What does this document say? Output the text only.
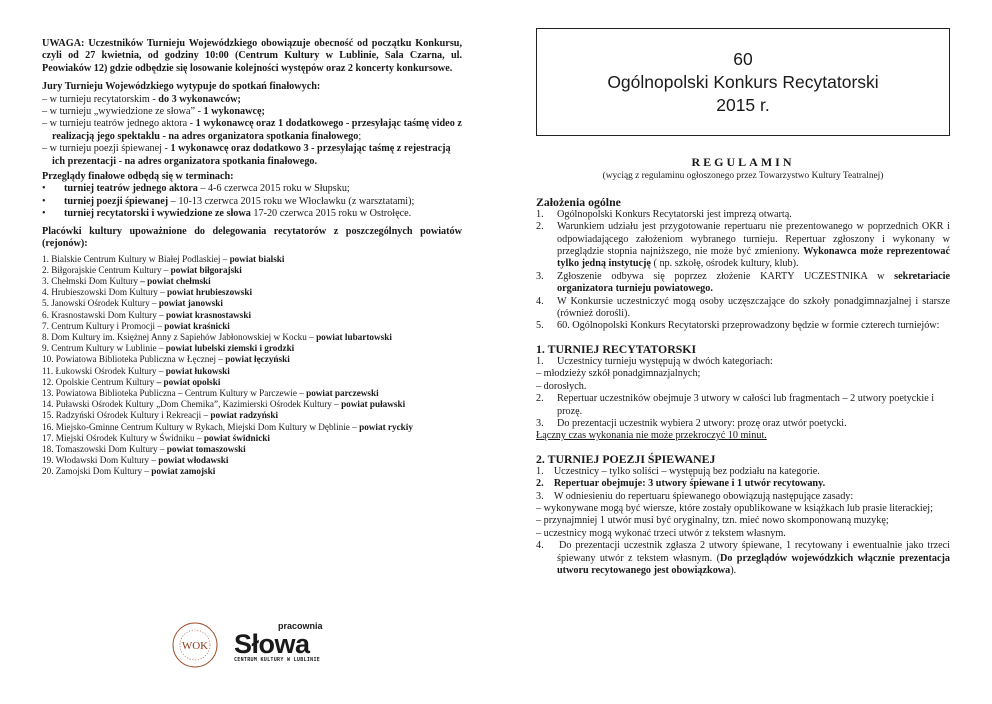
UWAGA: Uczestników Turnieju Wojewódzkiego obowiązuje obecność od początku Konkursu, czyli od 27 kwietnia, od godziny 10:00 (Centrum Kultury w Lublinie, Sala Czarna, ul. Peowiaków 12) gdzie odbędzie się losowanie kolejności występów oraz 2 koncerty konkursowe.

Jury Turnieju Wojewódzkiego wytypuje do spotkań finałowych:

– w turnieju recytatorskim - do 3 wykonawców;

– w turnieju „wywiedzione ze słowa” - 1 wykonawcę;

– w turnieju teatrów jednego aktora - 1 wykonawcę oraz 1 dodatkowego - przesyłając taśmę video z realizacją jego spektaklu - na adres organizatora spotkania finałowego;

– w turnieju poezji śpiewanej - 1 wykonawcę oraz dodatkowo 3 - przesyłając taśmę z rejestracją ich prezentacji - na adres organizatora spotkania finałowego.

Przeglądy finałowe odbędą się w terminach:

• turniej teatrów jednego aktora – 4-6 czerwca 2015 roku w Słupsku;

• turniej poezji śpiewanej – 10-13 czerwca 2015 roku we Włocławku (z warsztatami);

• turniej recytatorski i wywiedzione ze słowa 17-20 czerwca 2015 roku w Ostrołęce.

Placówki kultury upoważnione do delegowania recytatorów z poszczególnych powiatów (rejonów):

1. Bialskie Centrum Kultury w Białej Podlaskiej – powiat bialski

2. Biłgorajskie Centrum Kultury – powiat biłgorajski

3. Chełmski Dom Kultury – powiat chełmski

4. Hrubieszowski Dom Kultury – powiat hrubieszowski

5. Janowski Ośrodek Kultury – powiat janowski

6. Krasnostawski Dom Kultury – powiat krasnostawski

7. Centrum Kultury i Promocji – powiat kraśnicki

8. Dom Kultury im. Księżnej Anny z Sapiehów Jabłonowskiej w Kocku – powiat lubartowski

9. Centrum Kultury w Lublinie – powiat lubelski ziemski i grodzki

10. Powiatowa Biblioteka Publiczna w Łęcznej – powiat łęczyński

11. Łukowski Ośrodek Kultury – powiat łukowski

12. Opolskie Centrum Kultury – powiat opolski

13. Powiatowa Biblioteka Publiczna – Centrum Kultury w Parczewie – powiat parczewski

14. Puławski Ośrodek Kultury „Dom Chemika”, Kazimierski Ośrodek Kultury – powiat puławski

15. Radzyński Ośrodek Kultury i Rekreacji – powiat radzyński

16. Miejsko-Gminne Centrum Kultury w Rykach, Miejski Dom Kultury w Dęblinie – powiat ryckiy

17. Miejski Ośrodek Kultury w Świdniku – powiat świdnicki

18. Tomaszowski Dom Kultury – powiat tomaszowski

19. Włodawski Dom Kultury – powiat włodawski

20. Zamojski Dom Kultury – powiat zamojski

WOK
pracownia
Słowa
CENTRUM KULTURY W LUBLINIE
60
Ogólnopolski Konkurs Recytatorski
2015 r.
REGULAMIN
(wyciąg z regulaminu ogłoszonego przez Towarzystwo Kultury Teatralnej)
Założenia ogólne

1. Ogólnopolski Konkurs Recytatorski jest imprezą otwartą.

2. Warunkiem udziału jest przygotowanie repertuaru nie prezentowanego w poprzednich OKR i odpowiadającego założeniom wybranego turnieju. Repertuar zgłoszony i wykonany w przeglądzie stopnia najniższego, nie może być zmieniony. Wykonawca może reprezentować tylko jedną instytucję ( np. szkołę, ośrodek kultury, klub).

3. Zgłoszenie odbywa się poprzez złożenie KARTY UCZESTNIKA w sekretariacie organizatora turnieju powiatowego.

4. W Konkursie uczestniczyć mogą osoby uczęszczające do szkoły ponadgimnazjalnej i starsze (również dorośli).

5. 60. Ogólnopolski Konkurs Recytatorski przeprowadzony będzie w formie czterech turniejów:

1. TURNIEJ RECYTATORSKI

1. Uczestnicy turnieju występują w dwóch kategoriach:

– młodzieży szkół ponadgimnazjalnych;

– dorosłych.

2. Repertuar uczestników obejmuje 3 utwory w całości lub fragmentach – 2 utwory poetyckie i prozę.

3. Do prezentacji uczestnik wybiera 2 utwory: prozę oraz utwór poetycki.

Łączny czas wykonania nie może przekroczyć 10 minut.

2. TURNIEJ POEZJI ŚPIEWANEJ

1.    Uczestnicy – tylko soliści – występują bez podziału na kategorie.

2.    Repertuar obejmuje: 3 utwory śpiewane i 1 utwór recytowany.

3.    W odniesieniu do repertuaru śpiewanego obowiązują następujące zasady:

– wykonywane mogą być wiersze, które zostały opublikowane w książkach lub prasie literackiej;

– przynajmniej 1 utwór musi być oryginalny, tzn. mieć nowo skomponowaną muzykę;

– uczestnicy mogą wykonać trzeci utwór z tekstem własnym.

4.    Do prezentacji uczestnik zgłasza 2 utwory śpiewane, 1 recytowany i ewentualnie jako trzeci śpiewany utwór z tekstem własnym. (Do przeglądów wojewódzkich włącznie prezentacja utworu recytowanego jest obowiązkowa).
